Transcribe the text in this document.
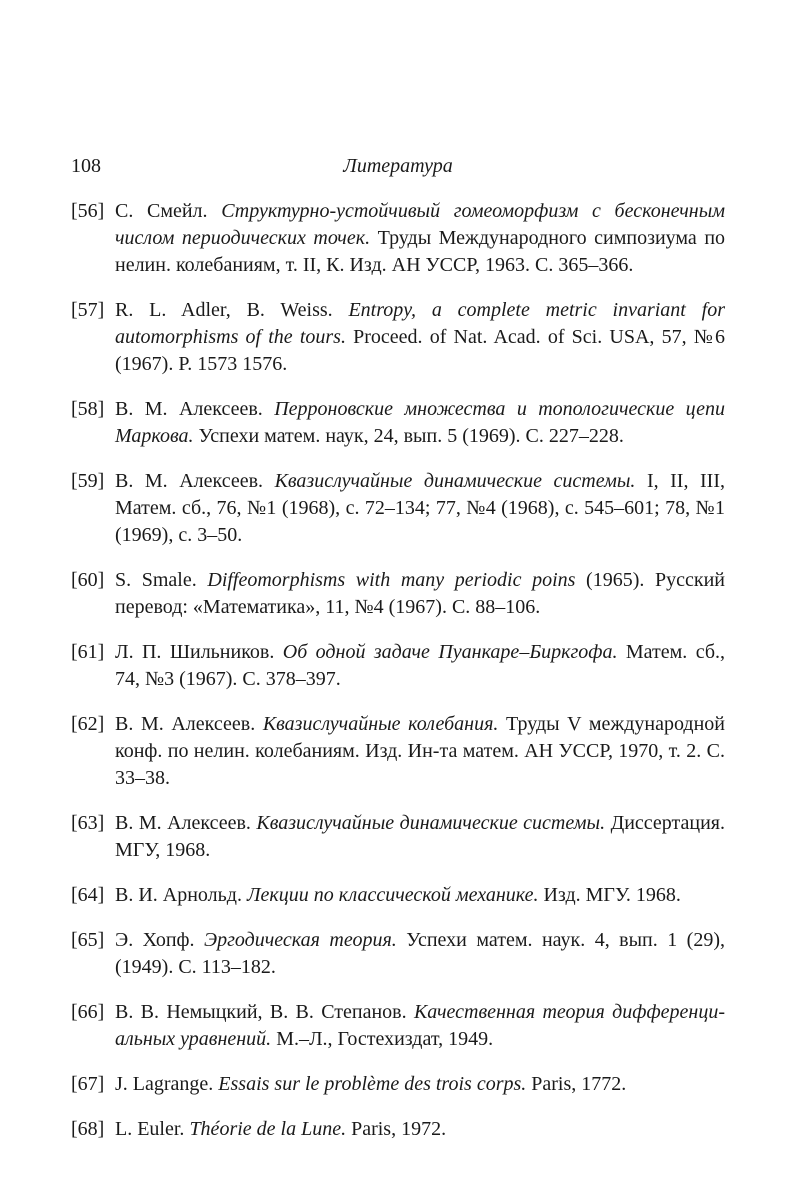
108	Литература
[56] С. Смейл. Структурно-устойчивый гомеоморфизм с бесконечным числом периодических точек. Труды Международного симпозиума по нелин. колебаниям, т. II, К. Изд. АН УССР, 1963. С. 365–366.
[57] R. L. Adler, B. Weiss. Entropy, a complete metric invariant for automorphisms of the tours. Proceed. of Nat. Acad. of Sci. USA, 57, №6 (1967). P. 1573 1576.
[58] В. М. Алексеев. Перроновские множества и топологические цепи Маркова. Успехи матем. наук, 24, вып. 5 (1969). С. 227–228.
[59] В. М. Алексеев. Квазислучайные динамические системы. I, II, III, Матем. сб., 76, №1 (1968), с. 72–134; 77, №4 (1968), с. 545–601; 78, №1 (1969), с. 3–50.
[60] S. Smale. Diffeomorphisms with many periodic poins (1965). Русский перевод: «Математика», 11, №4 (1967). С. 88–106.
[61] Л. П. Шильников. Об одной задаче Пуанкаре–Биркгофа. Матем. сб., 74, №3 (1967). С. 378–397.
[62] В. М. Алексеев. Квазислучайные колебания. Труды V междунаpодной конф. по нелин. колебаниям. Изд. Ин-та матем. АН УССР, 1970, т. 2. С. 33–38.
[63] В. М. Алексеев. Квазислучайные динамические системы. Диссертация. МГУ, 1968.
[64] В. И. Арнольд. Лекции по классической механике. Изд. МГУ. 1968.
[65] Э. Хопф. Эргодическая теория. Успехи матем. наук. 4, вып. 1 (29), (1949). С. 113–182.
[66] В. В. Немыцкий, В. В. Степанов. Качественная теория дифференциальных уравнений. М.–Л., Гостехиздат, 1949.
[67] J. Lagrange. Essais sur le problème des trois corps. Paris, 1772.
[68] L. Euler. Théorie de la Lune. Paris, 1972.
